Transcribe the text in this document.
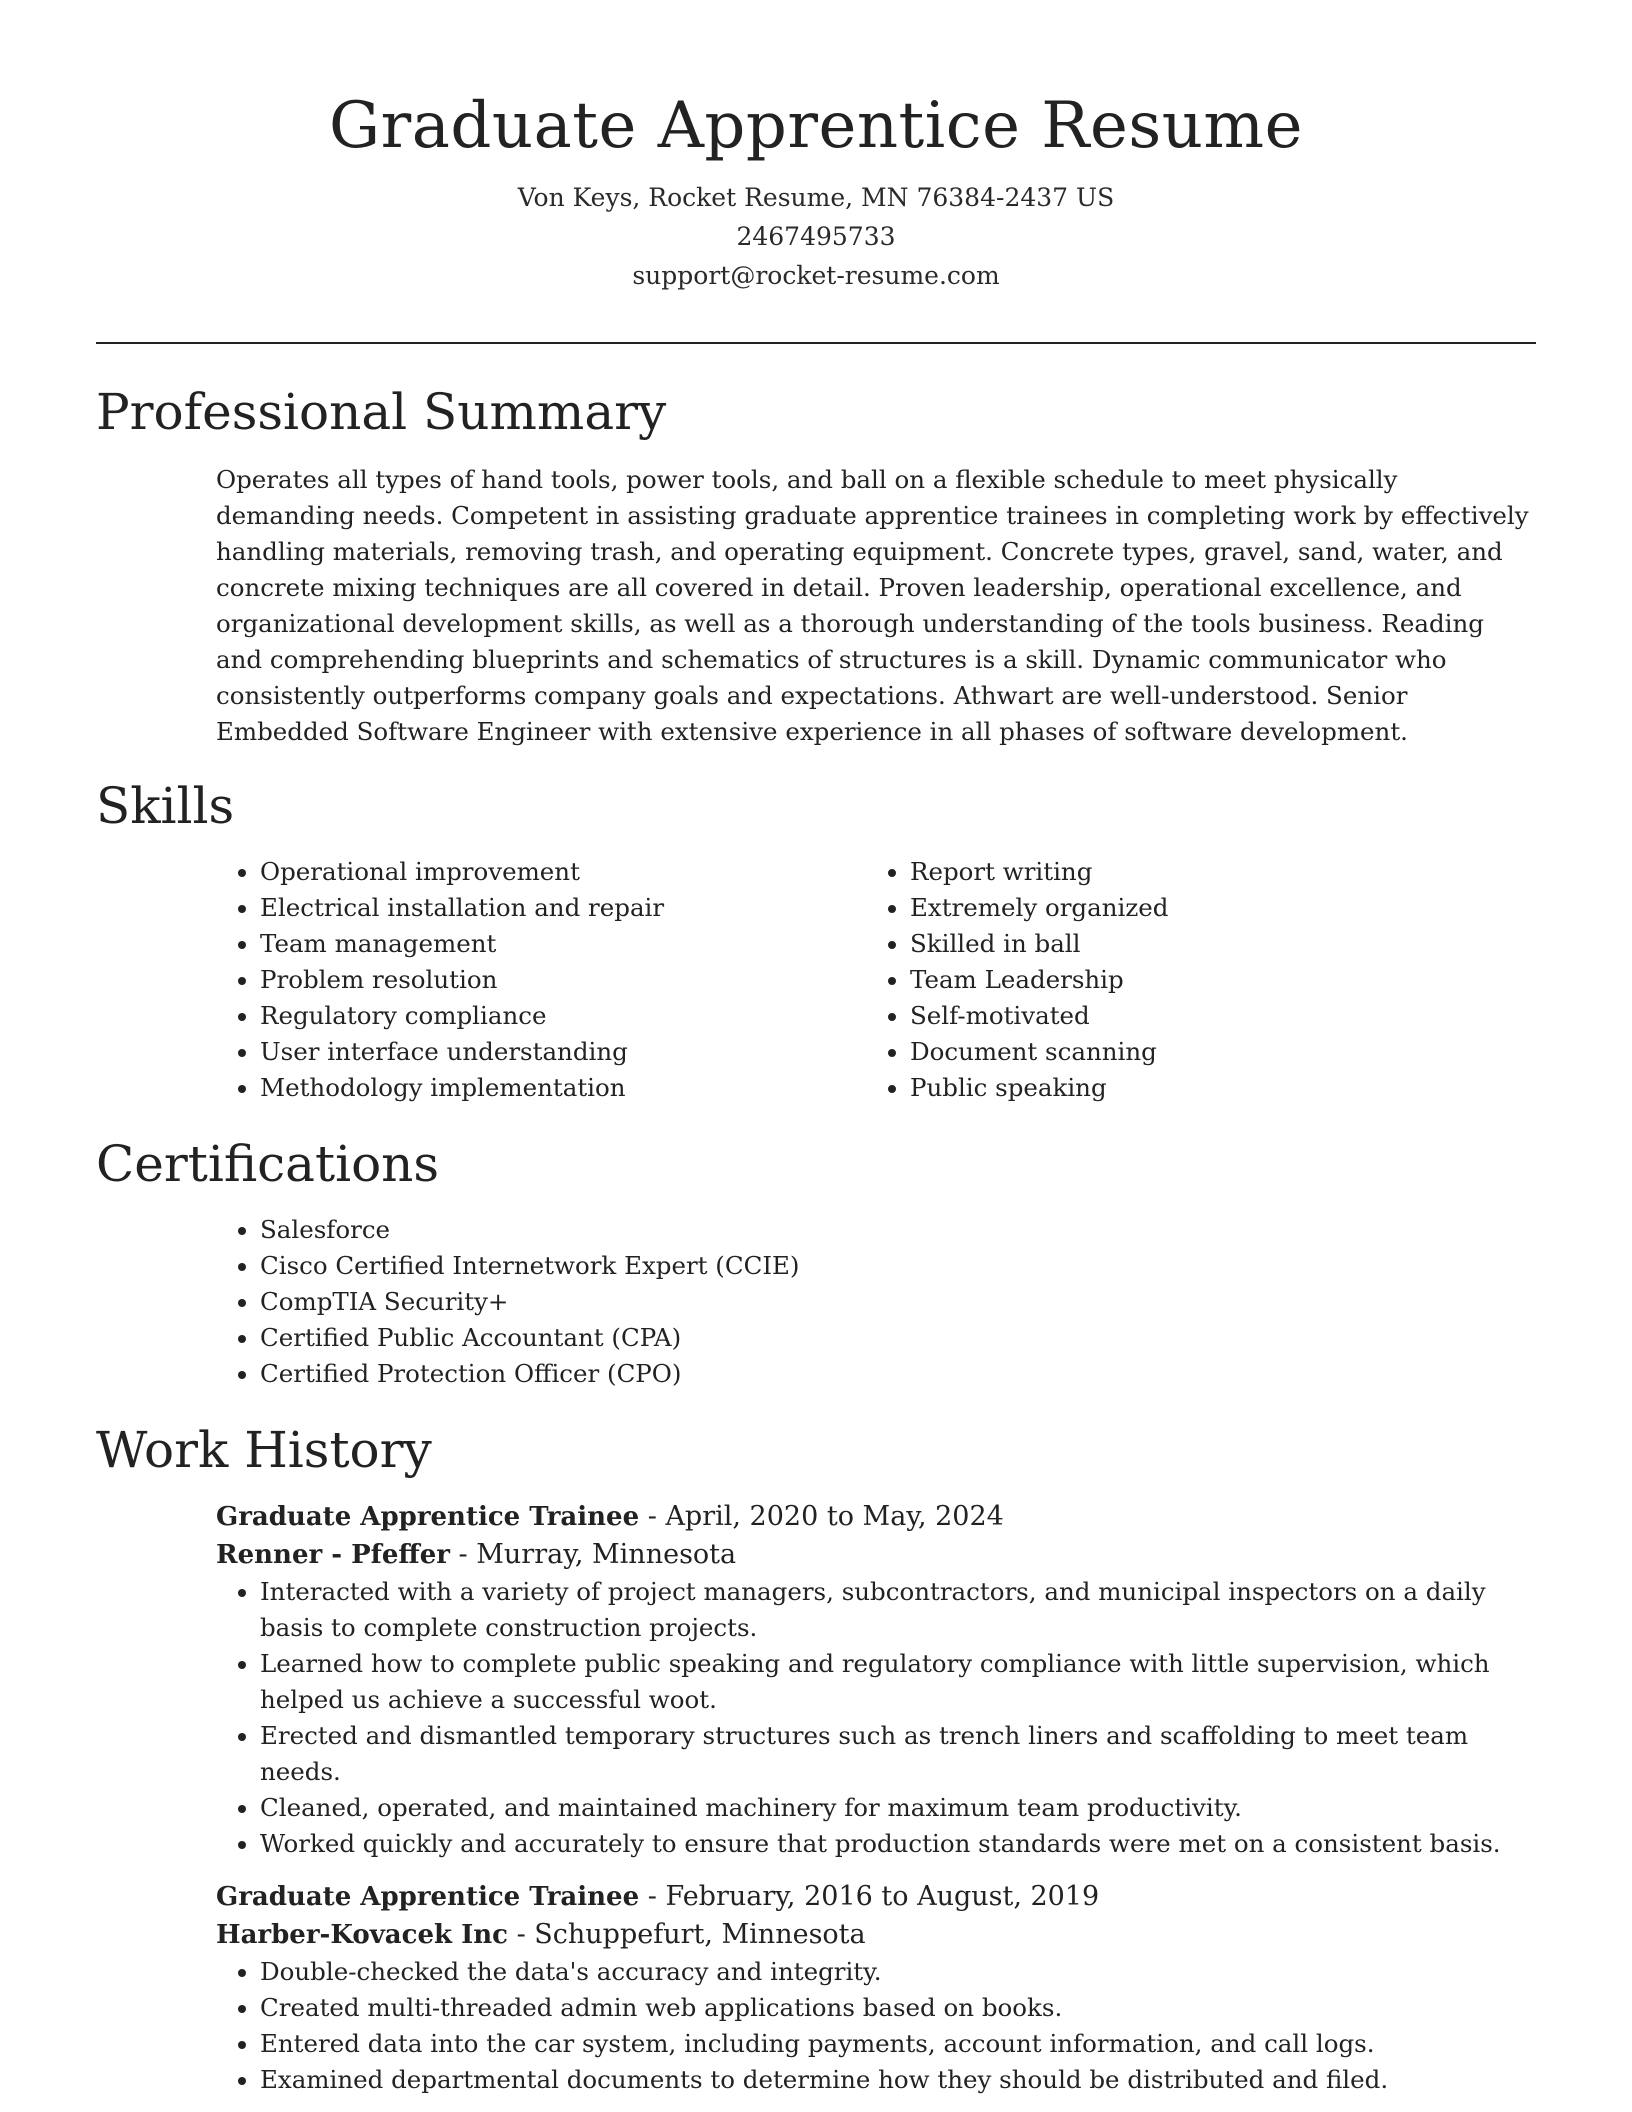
Graduate Apprentice Resume
Von Keys, Rocket Resume, MN 76384-2437 US
2467495733
support@rocket-resume.com
Professional Summary

Operates all types of hand tools, power tools, and ball on a flexible schedule to meet physically demanding needs. Competent in assisting graduate apprentice trainees in completing work by effectively handling materials, removing trash, and operating equipment. Concrete types, gravel, sand, water, and concrete mixing techniques are all covered in detail. Proven leadership, operational excellence, and organizational development skills, as well as a thorough understanding of the tools business. Reading and comprehending blueprints and schematics of structures is a skill. Dynamic communicator who consistently outperforms company goals and expectations. Athwart are well-understood. Senior Embedded Software Engineer with extensive experience in all phases of software development.

Skills
• Operational improvement
• Electrical installation and repair
• Team management
• Problem resolution
• Regulatory compliance
• User interface understanding
• Methodology implementation
• Report writing
• Extremely organized
• Skilled in ball
• Team Leadership
• Self-motivated
• Document scanning
• Public speaking
Certifications
• Salesforce
• Cisco Certified Internetwork Expert (CCIE)
• CompTIA Security+
• Certified Public Accountant (CPA)
• Certified Protection Officer (CPO)
Work History
Graduate Apprentice Trainee - April, 2020 to May, 2024
Renner - Pfeffer - Murray, Minnesota
• Interacted with a variety of project managers, subcontractors, and municipal inspectors on a daily basis to complete construction projects.
• Learned how to complete public speaking and regulatory compliance with little supervision, which helped us achieve a successful woot.
• Erected and dismantled temporary structures such as trench liners and scaffolding to meet team needs.
• Cleaned, operated, and maintained machinery for maximum team productivity.
• Worked quickly and accurately to ensure that production standards were met on a consistent basis.
Graduate Apprentice Trainee - February, 2016 to August, 2019
Harber-Kovacek Inc - Schuppefurt, Minnesota
• Double-checked the data's accuracy and integrity.
• Created multi-threaded admin web applications based on books.
• Entered data into the car system, including payments, account information, and call logs.
• Examined departmental documents to determine how they should be distributed and filed.
